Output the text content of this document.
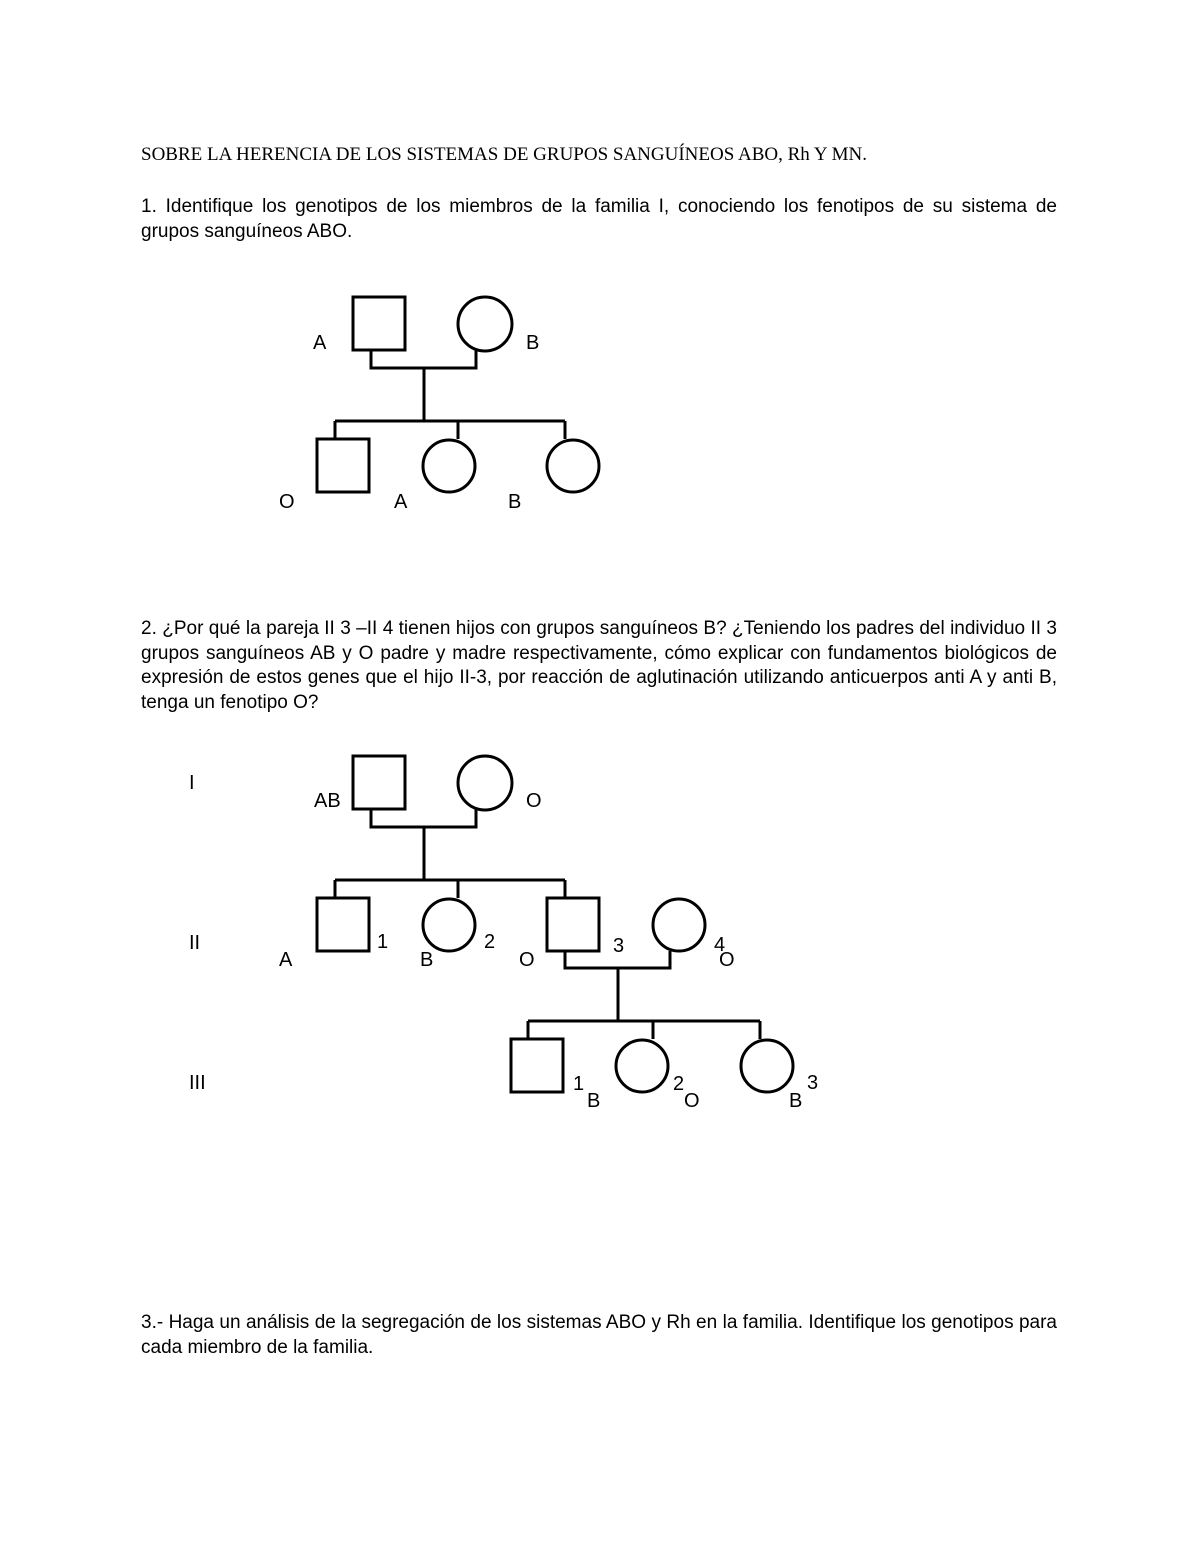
SOBRE LA HERENCIA DE LOS SISTEMAS DE GRUPOS SANGUÍNEOS ABO, Rh Y MN.
1. Identifique los genotipos de los miembros de la familia I, conociendo los fenotipos de su sistema de grupos sanguíneos ABO.
A	B
O	A	B
2. ¿Por qué la pareja II 3 –II 4 tienen hijos con grupos sanguíneos B? ¿Teniendo los padres del individuo II 3 grupos sanguíneos AB y O padre y madre respectivamente, cómo explicar con fundamentos biológicos de expresión de estos genes que el hijo II-3, por reacción de aglutinación utilizando anticuerpos anti A y anti B, tenga un fenotipo O?
I
II
III
AB	O
1	2	3	4
A	B	O	O
1	2	3
B	O	B
3.- Haga un análisis de la segregación de los sistemas ABO y Rh en la familia. Identifique los genotipos para cada miembro de la familia.
